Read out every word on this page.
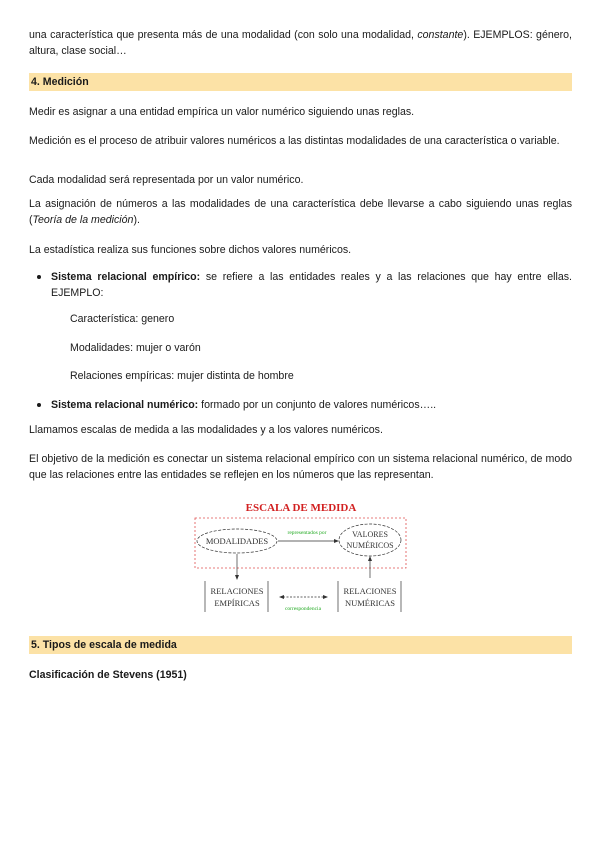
una característica que presenta más de una modalidad (con solo una modalidad, constante). EJEMPLOS: género, altura, clase social…

4. Medición

Medir es asignar a una entidad empírica un valor numérico siguiendo unas reglas.

Medición es el proceso de atribuir valores numéricos a las distintas modalidades de una característica o variable.

Cada modalidad será representada por un valor numérico.

La asignación de números a las modalidades de una característica debe llevarse a cabo siguiendo unas reglas (Teoría de la medición).

La estadística realiza sus funciones sobre dichos valores numéricos.

Sistema relacional empírico: se refiere a las entidades reales y a las relaciones que hay entre ellas. EJEMPLO:

Característica: genero

Modalidades: mujer o varón

Relaciones empíricas: mujer distinta de hombre

Sistema relacional numérico: formado por un conjunto de valores numéricos…..

Llamamos escalas de medida a las modalidades y a los valores numéricos.

El objetivo de la medición es conectar un sistema relacional empírico con un sistema relacional numérico, de modo que las relaciones entre las entidades se reflejen en los números que las representan.

ESCALA DE MEDIDA
MODALIDADES
VALORES
NUMÉRICOS
representados por
RELACIONES
EMPÍRICAS
RELACIONES
NUMÉRICAS
correspondencia
5. Tipos de escala de medida

Clasificación de Stevens (1951)
